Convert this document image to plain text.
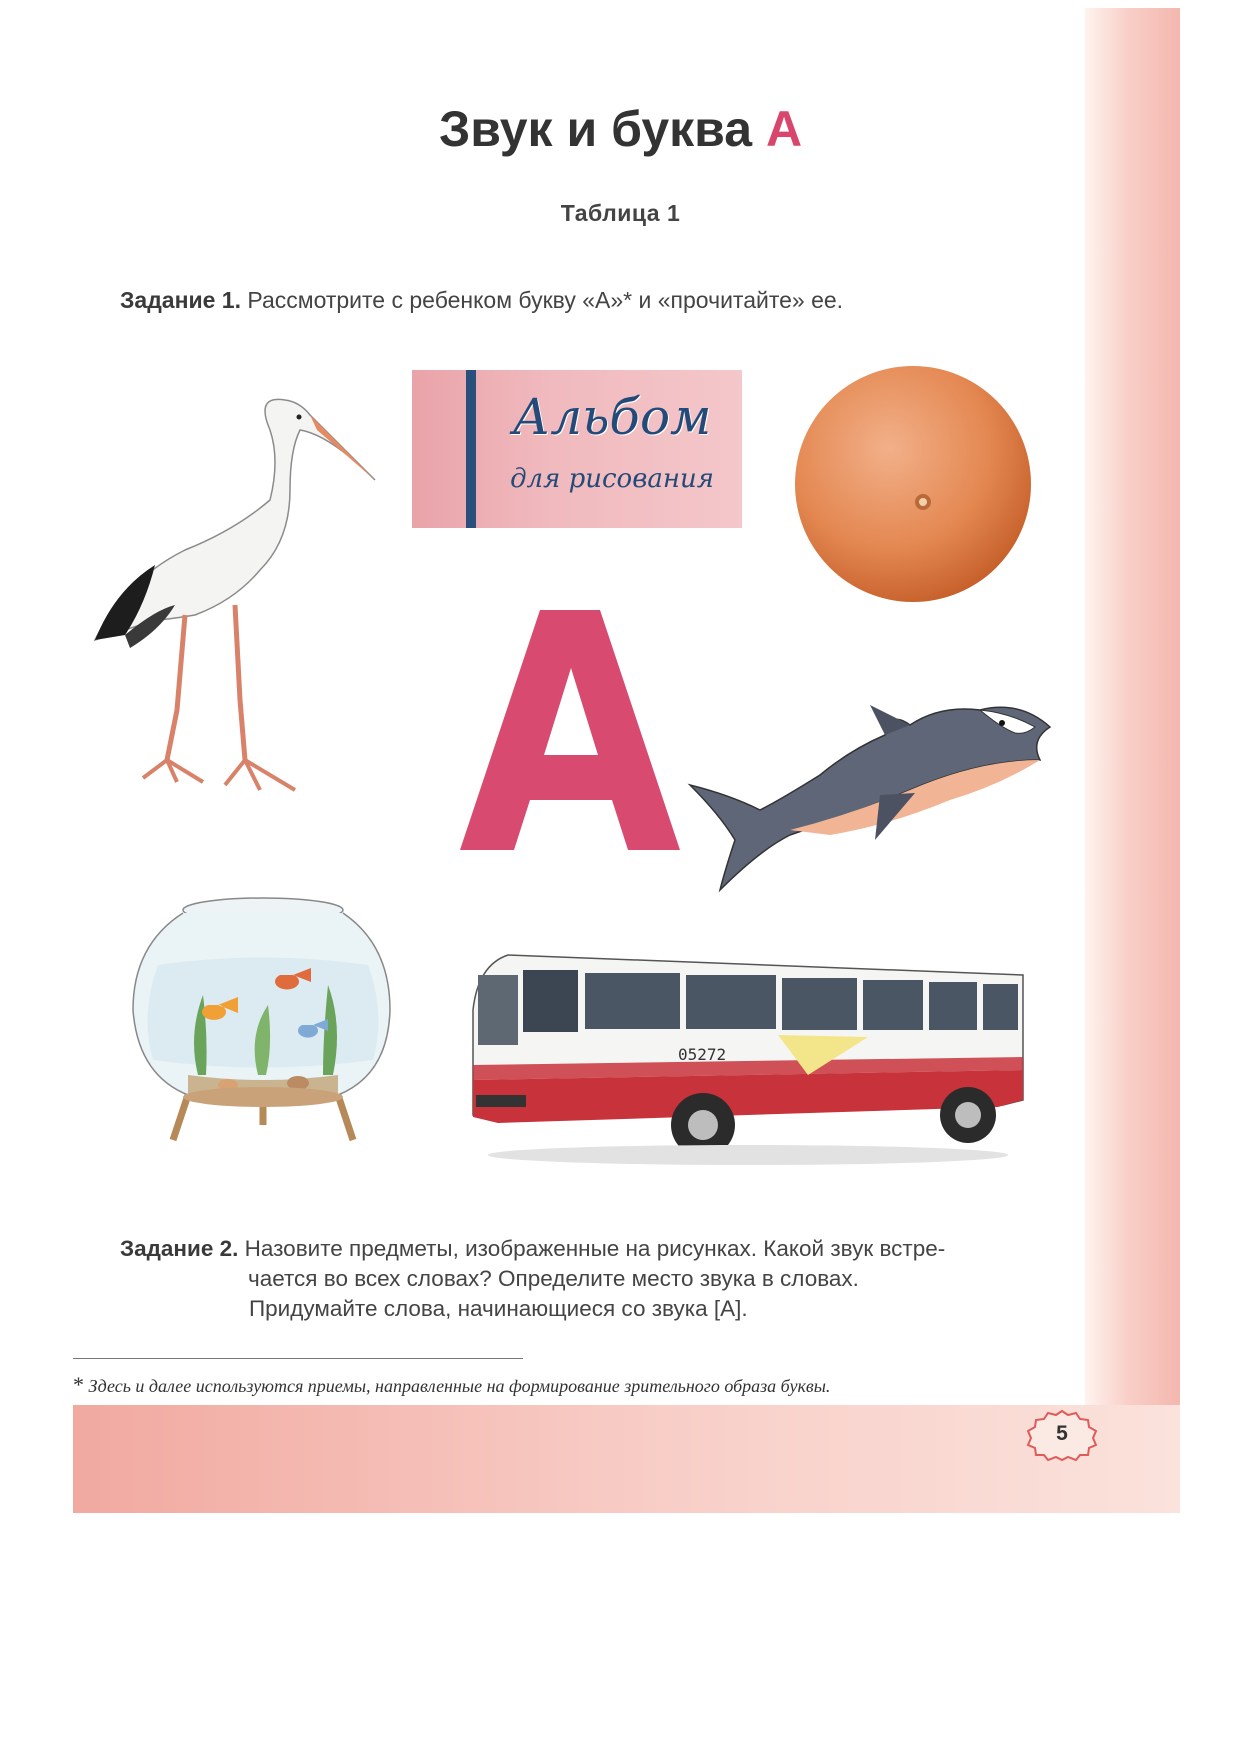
Звук и буква А
Таблица 1
Задание 1. Рассмотрите с ребенком букву «А»* и «прочитайте» ее.
Альбом
для рисования
05272
Задание 2. Назовите предметы, изображенные на рисунках. Какой звук встре-
чается во всех словах? Определите место звука в словах.
Придумайте слова, начинающиеся со звука [А].
* Здесь и далее используются приемы, направленные на формирование зрительного образа буквы.
5
